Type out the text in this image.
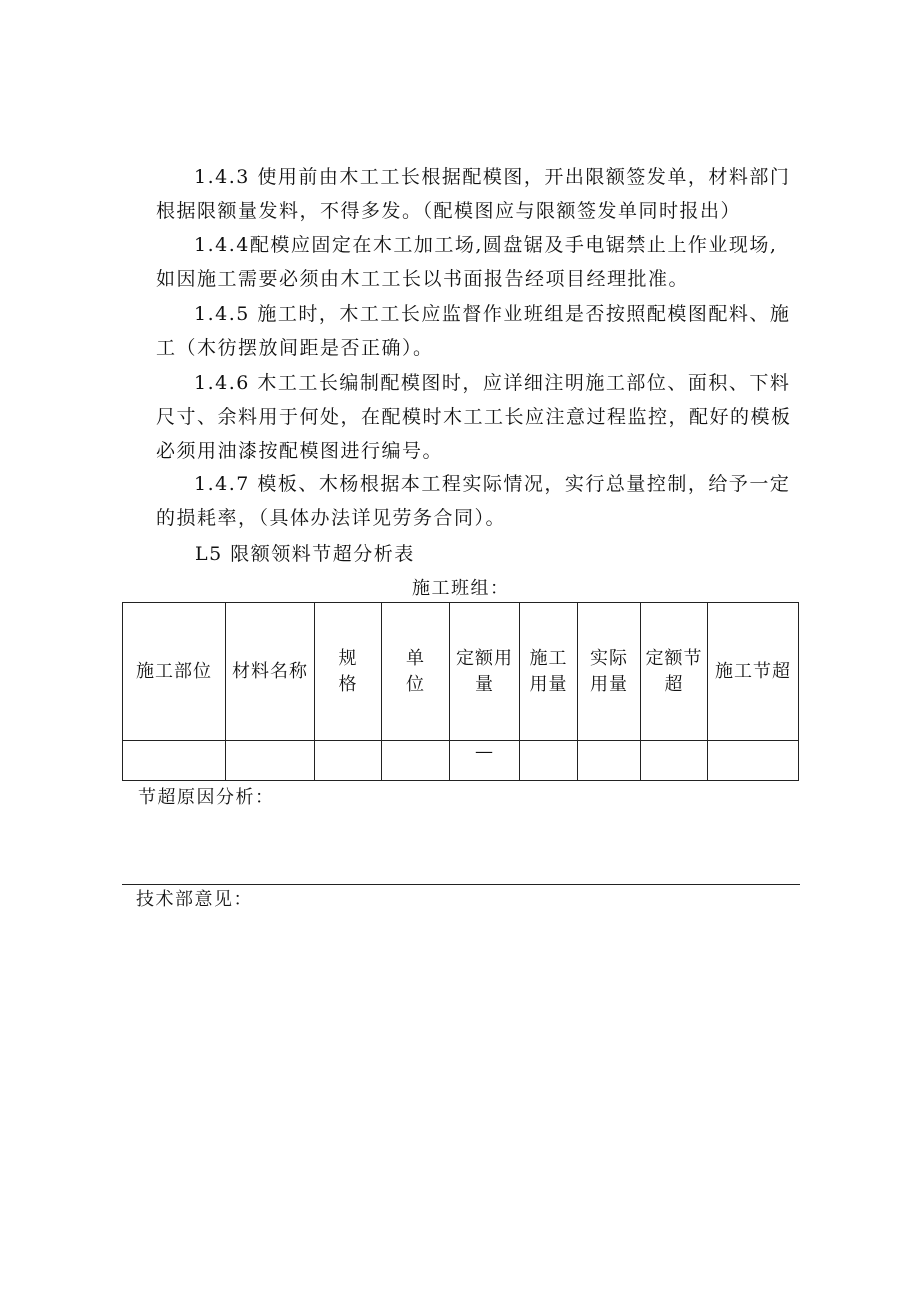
1.4.3 使用前由木工工长根据配模图，开出限额签发单，材料部门
根据限额量发料，不得多发。（配模图应与限额签发单同时报出）

1.4.4配模应固定在木工加工场,圆盘锯及手电锯禁止上作业现场,
如因施工需要必须由木工工长以书面报告经项目经理批准。

1.4.5 施工时，木工工长应监督作业班组是否按照配模图配料、施
工（木彷摆放间距是否正确）。

1.4.6 木工工长编制配模图时，应详细注明施工部位、面积、下料
尺寸、余料用于何处，在配模时木工工长应注意过程监控，配好的模板必须用油漆按配模图进行编号。

1.4.7 模板、木杨根据本工程实际情况，实行总量控制，给予一定
的损耗率，（具体办法详见劳务合同）。

L5 限额领料节超分析表

施工班组：
施工部位	材料名称	规格	单位	定额用量	施工用量	实际用量	定额节超	施工节超
				—				
节超原因分析：
技术部意见：
